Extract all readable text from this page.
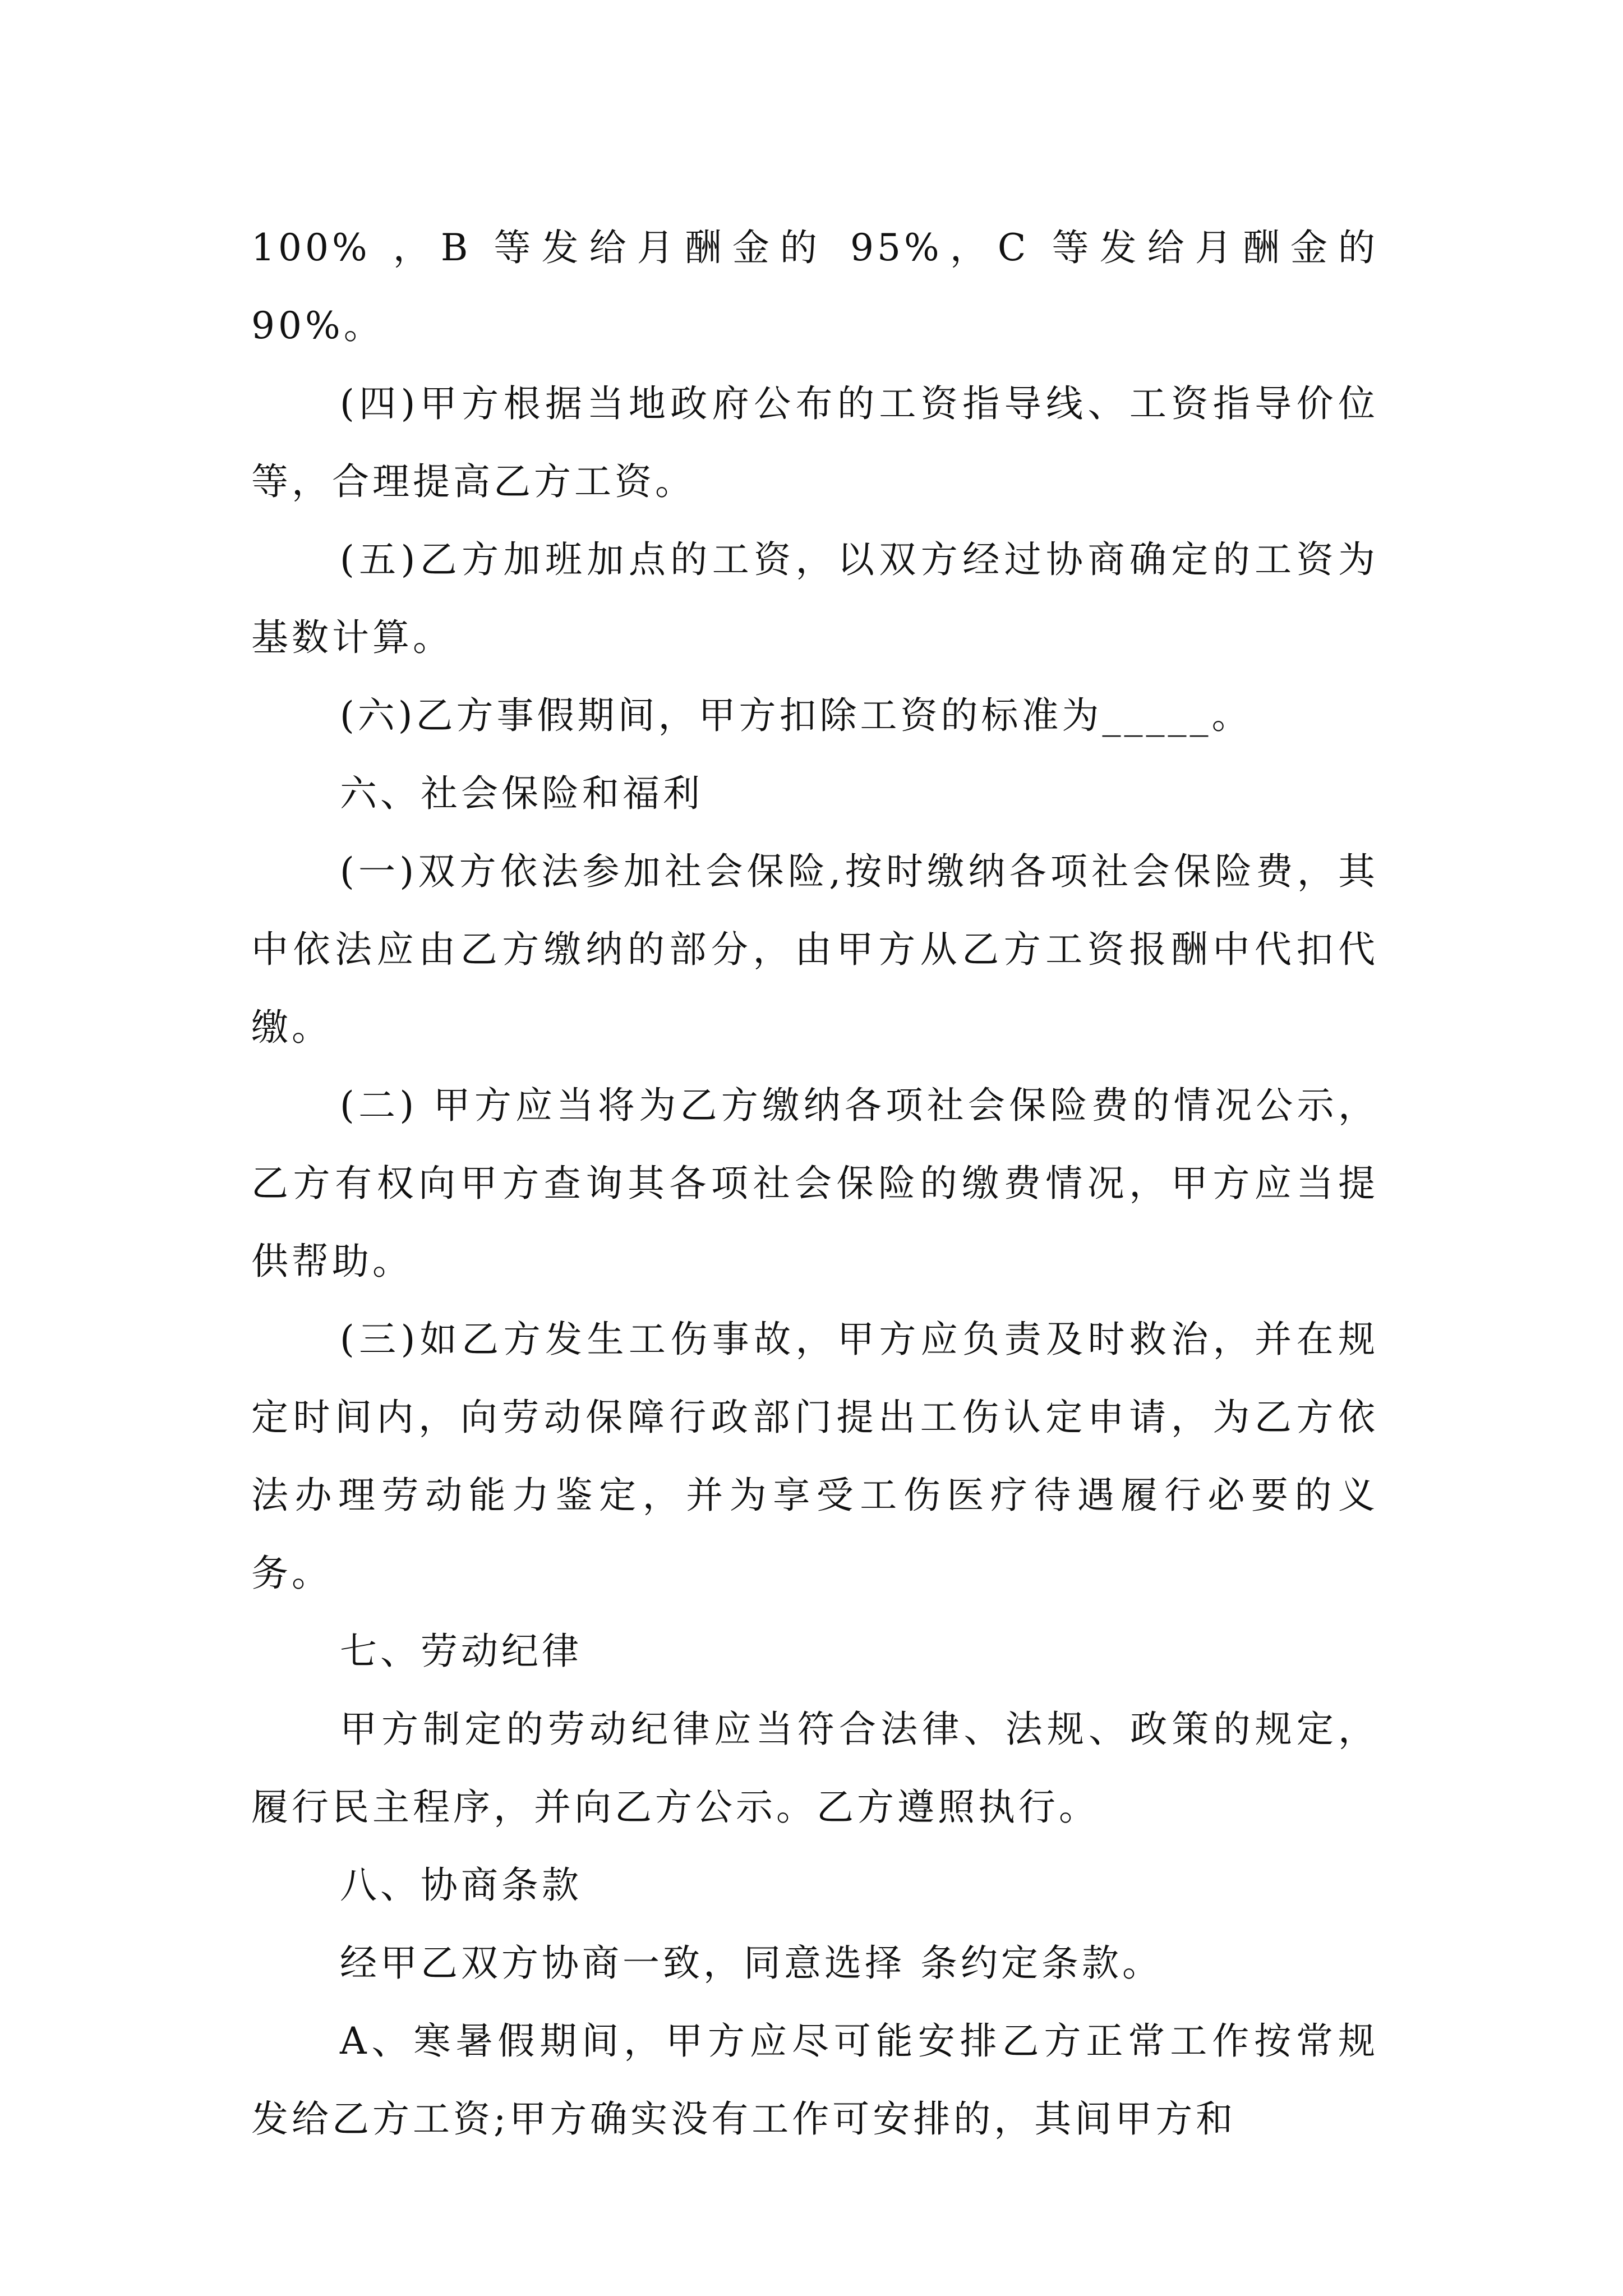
100% ，B 等发给月酬金的 95%，C 等发给月酬金的 90%。

(四)甲方根据当地政府公布的工资指导线、工资指导价位等，合理提高乙方工资。

(五)乙方加班加点的工资，以双方经过协商确定的工资为基数计算。

(六)乙方事假期间，甲方扣除工资的标准为_____。

六、社会保险和福利

(一)双方依法参加社会保险,按时缴纳各项社会保险费，其中依法应由乙方缴纳的部分，由甲方从乙方工资报酬中代扣代缴。

(二) 甲方应当将为乙方缴纳各项社会保险费的情况公示， 乙方有权向甲方查询其各项社会保险的缴费情况，甲方应当提供帮助。

(三)如乙方发生工伤事故，甲方应负责及时救治，并在规定时间内，向劳动保障行政部门提出工伤认定申请，为乙方依法办理劳动能力鉴定，并为享受工伤医疗待遇履行必要的义务。

七、劳动纪律

甲方制定的劳动纪律应当符合法律、法规、政策的规定，履行民主程序，并向乙方公示。乙方遵照执行。

八、协商条款

经甲乙双方协商一致，同意选择 条约定条款。

A、寒暑假期间，甲方应尽可能安排乙方正常工作按常规发给乙方工资;甲方确实没有工作可安排的，其间甲方和
